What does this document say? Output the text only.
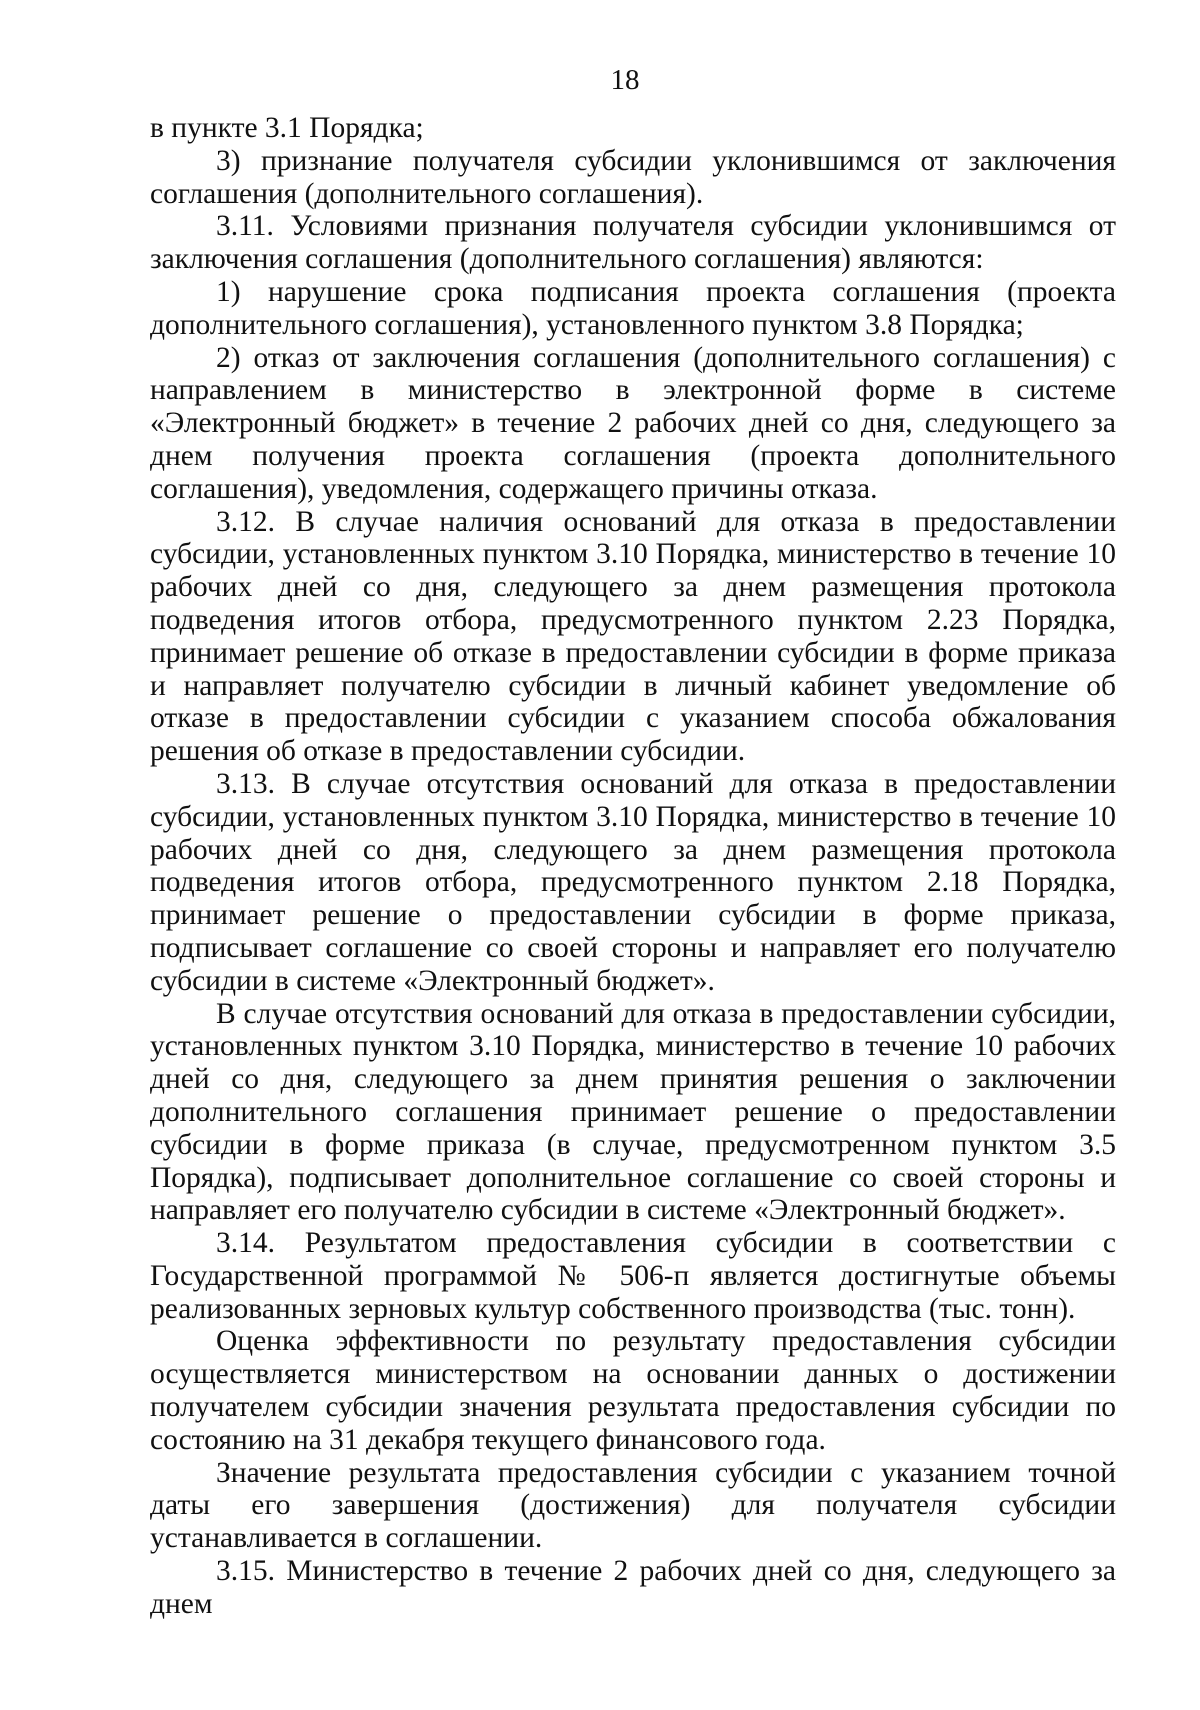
18

в пункте 3.1 Порядка;

3) признание получателя субсидии уклонившимся от заключения соглашения (дополнительного соглашения).

3.11. Условиями признания получателя субсидии уклонившимся от заключения соглашения (дополнительного соглашения) являются:

1) нарушение срока подписания проекта соглашения (проекта дополнительного соглашения), установленного пунктом 3.8 Порядка;

2) отказ от заключения соглашения (дополнительного соглашения) с направлением в министерство в электронной форме в системе «Электронный бюджет» в течение 2 рабочих дней со дня, следующего за днем получения проекта соглашения (проекта дополнительного соглашения), уведомления, содержащего причины отказа.

3.12. В случае наличия оснований для отказа в предоставлении субсидии, установленных пунктом 3.10 Порядка, министерство в течение 10 рабочих дней со дня, следующего за днем размещения протокола подведения итогов отбора, предусмотренного пунктом 2.23 Порядка, принимает решение об отказе в предоставлении субсидии в форме приказа и направляет получателю субсидии в личный кабинет уведомление об отказе в предоставлении субсидии с указанием способа обжалования решения об отказе в предоставлении субсидии.

3.13. В случае отсутствия оснований для отказа в предоставлении субсидии, установленных пунктом 3.10 Порядка, министерство в течение 10 рабочих дней со дня, следующего за днем размещения протокола подведения итогов отбора, предусмотренного пунктом 2.18 Порядка, принимает решение о предоставлении субсидии в форме приказа, подписывает соглашение со своей стороны и направляет его получателю субсидии в системе «Электронный бюджет».

В случае отсутствия оснований для отказа в предоставлении субсидии, установленных пунктом 3.10 Порядка, министерство в течение 10 рабочих дней со дня, следующего за днем принятия решения о заключении дополнительного соглашения принимает решение о предоставлении субсидии в форме приказа (в случае, предусмотренном пунктом 3.5 Порядка), подписывает дополнительное соглашение со своей стороны и направляет его получателю субсидии в системе «Электронный бюджет».

3.14. Результатом предоставления субсидии в соответствии с Государственной программой № 506-п является достигнутые объемы реализованных зерновых культур собственного производства (тыс. тонн).

Оценка эффективности по результату предоставления субсидии осуществляется министерством на основании данных о достижении получателем субсидии значения результата предоставления субсидии по состоянию на 31 декабря текущего финансового года.

Значение результата предоставления субсидии с указанием точной даты его завершения (достижения) для получателя субсидии устанавливается в соглашении.

3.15. Министерство в течение 2 рабочих дней со дня, следующего за днем
